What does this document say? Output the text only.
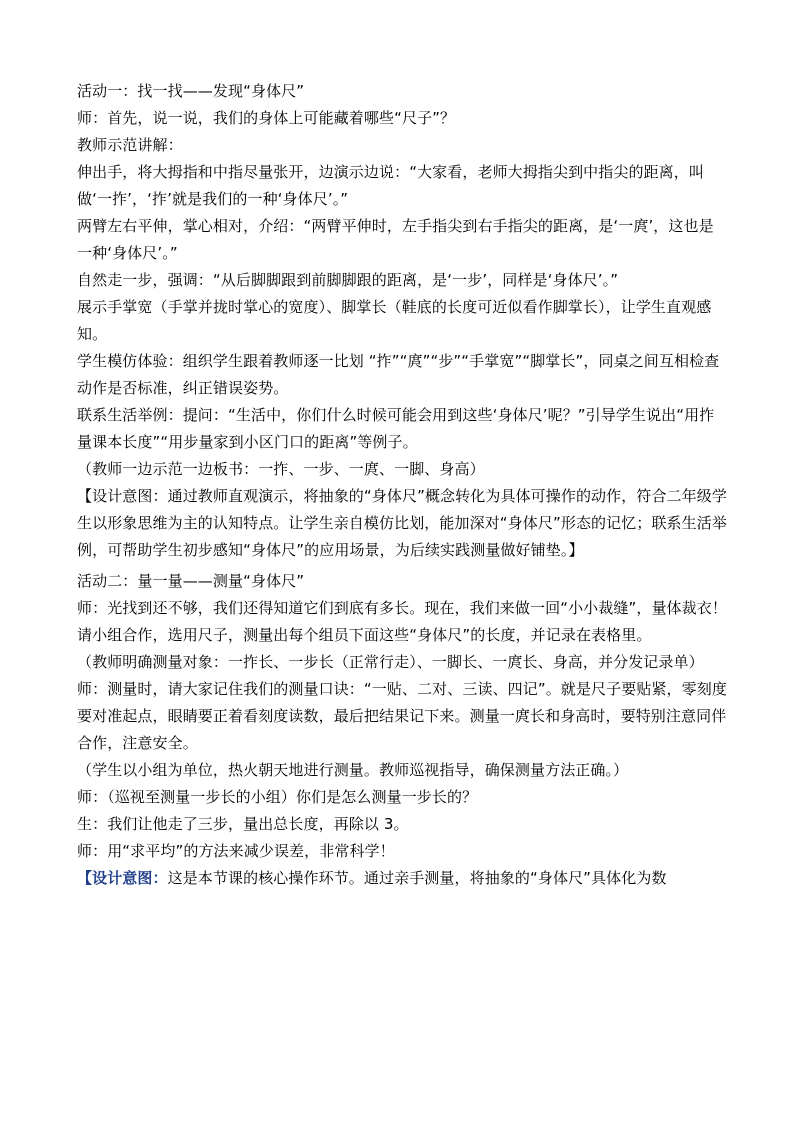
活动一：找一找——发现“身体尺”

师：首先，说一说，我们的身体上可能藏着哪些“尺子”？

教师示范讲解：

伸出手，将大拇指和中指尽量张开，边演示边说：“大家看，老师大拇指尖到中指尖的距离，叫做‘一拃’，‘拃’就是我们的一种‘身体尺’。”

两臂左右平伸，掌心相对，介绍：“两臂平伸时，左手指尖到右手指尖的距离，是‘一庹’，这也是一种‘身体尺’。”

自然走一步，强调：“从后脚脚跟到前脚脚跟的距离，是‘一步’，同样是‘身体尺’。”

展示手掌宽（手掌并拢时掌心的宽度）、脚掌长（鞋底的长度可近似看作脚掌长），让学生直观感知。

学生模仿体验：组织学生跟着教师逐一比划 “拃”“庹”“步”“手掌宽”“脚掌长”，同桌之间互相检查动作是否标准，纠正错误姿势。

联系生活举例：提问：“生活中，你们什么时候可能会用到这些‘身体尺’呢？”引导学生说出“用拃量课本长度”“用步量家到小区门口的距离”等例子。

（教师一边示范一边板书：一拃、一步、一庹、一脚、身高）

【设计意图：通过教师直观演示，将抽象的“身体尺”概念转化为具体可操作的动作，符合二年级学生以形象思维为主的认知特点。让学生亲自模仿比划，能加深对“身体尺”形态的记忆；联系生活举例，可帮助学生初步感知“身体尺”的应用场景，为后续实践测量做好铺垫。】

活动二：量一量——测量“身体尺”

师：光找到还不够，我们还得知道它们到底有多长。现在，我们来做一回“小小裁缝”，量体裁衣！请小组合作，选用尺子，测量出每个组员下面这些“身体尺”的长度，并记录在表格里。

（教师明确测量对象：一拃长、一步长（正常行走）、一脚长、一庹长、身高，并分发记录单）

师：测量时，请大家记住我们的测量口诀：“一贴、二对、三读、四记”。就是尺子要贴紧，零刻度要对准起点，眼睛要正着看刻度读数，最后把结果记下来。测量一庹长和身高时，要特别注意同伴合作，注意安全。

（学生以小组为单位，热火朝天地进行测量。教师巡视指导，确保测量方法正确。）

师：（巡视至测量一步长的小组）你们是怎么测量一步长的？

生：我们让他走了三步，量出总长度，再除以 3。

师：用“求平均”的方法来减少误差，非常科学！

【设计意图：这是本节课的核心操作环节。通过亲手测量，将抽象的“身体尺”具体化为数
